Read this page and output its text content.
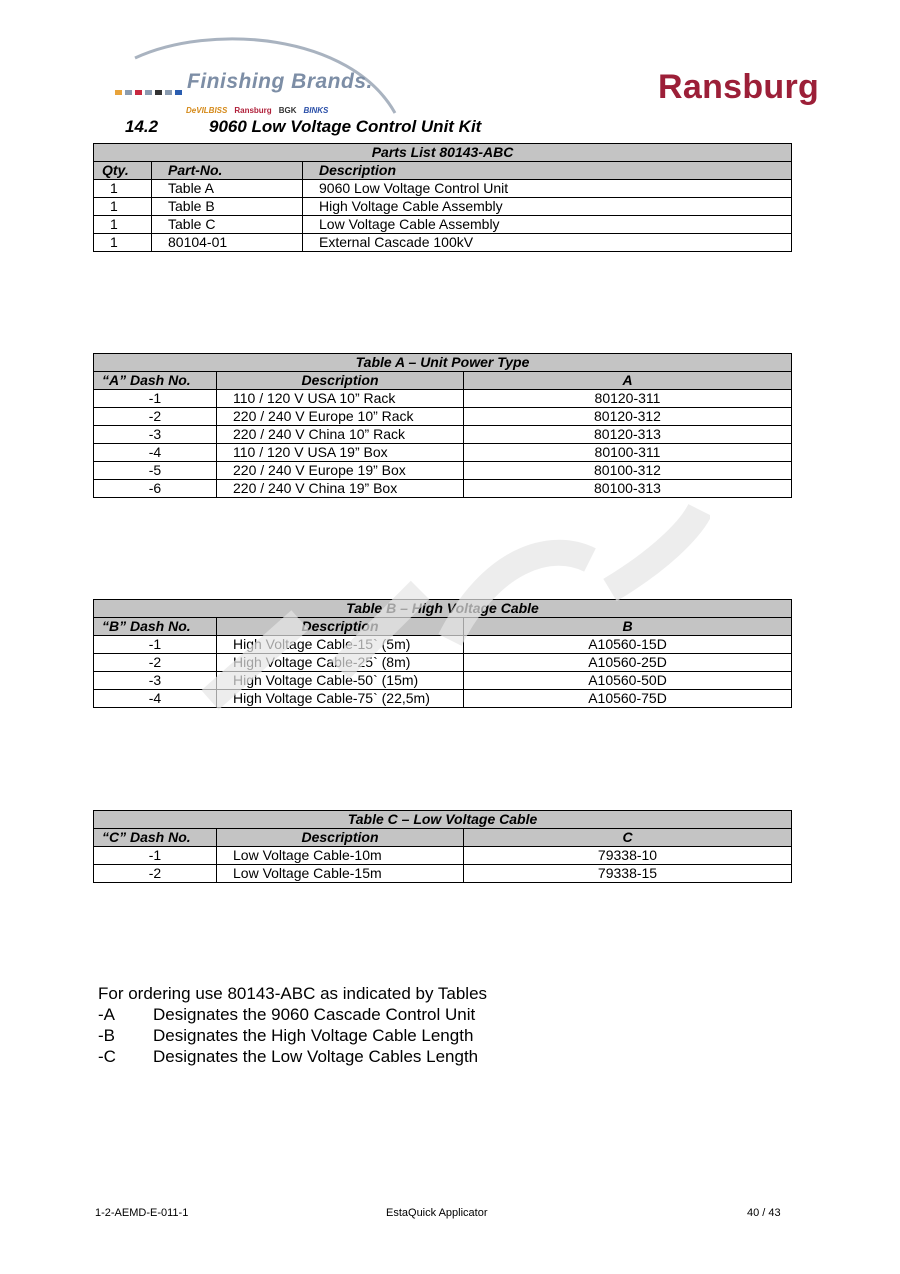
Finishing Brands.
DeVILBISS Ransburg BGK BINKS
Ransburg
14.2	9060 Low Voltage Control Unit Kit
Parts List 80143-ABC		
Qty.	Part-No.	Description
1	Table A	9060 Low Voltage Control Unit
1	Table B	High Voltage Cable Assembly
1	Table C	Low Voltage Cable Assembly
1	80104-01	External Cascade 100kV
Table A – Unit Power Type		
“A” Dash No.	Description	A
-1	110 / 120 V USA 10” Rack	80120-311
-2	220 / 240 V Europe 10” Rack	80120-312
-3	220 / 240 V China 10” Rack	80120-313
-4	110 / 120 V USA 19” Box	80100-311
-5	220 / 240 V Europe 19” Box	80100-312
-6	220 / 240 V China 19” Box	80100-313
Table B – High Voltage Cable		
“B” Dash No.	Description	B
-1	High Voltage Cable-15` (5m)	A10560-15D
-2	High Voltage Cable-25` (8m)	A10560-25D
-3	High Voltage Cable-50` (15m)	A10560-50D
-4	High Voltage Cable-75` (22,5m)	A10560-75D
Table C – Low Voltage Cable		
“C” Dash No.	Description	C
-1	Low Voltage Cable-10m	79338-10
-2	Low Voltage Cable-15m	79338-15
For ordering use 80143-ABC as indicated by Tables
-A	Designates the 9060 Cascade Control Unit
-B	Designates the High Voltage Cable Length
-C	Designates the Low Voltage Cables Length
1-2-AEMD-E-011-1	EstaQuick Applicator	40 / 43
